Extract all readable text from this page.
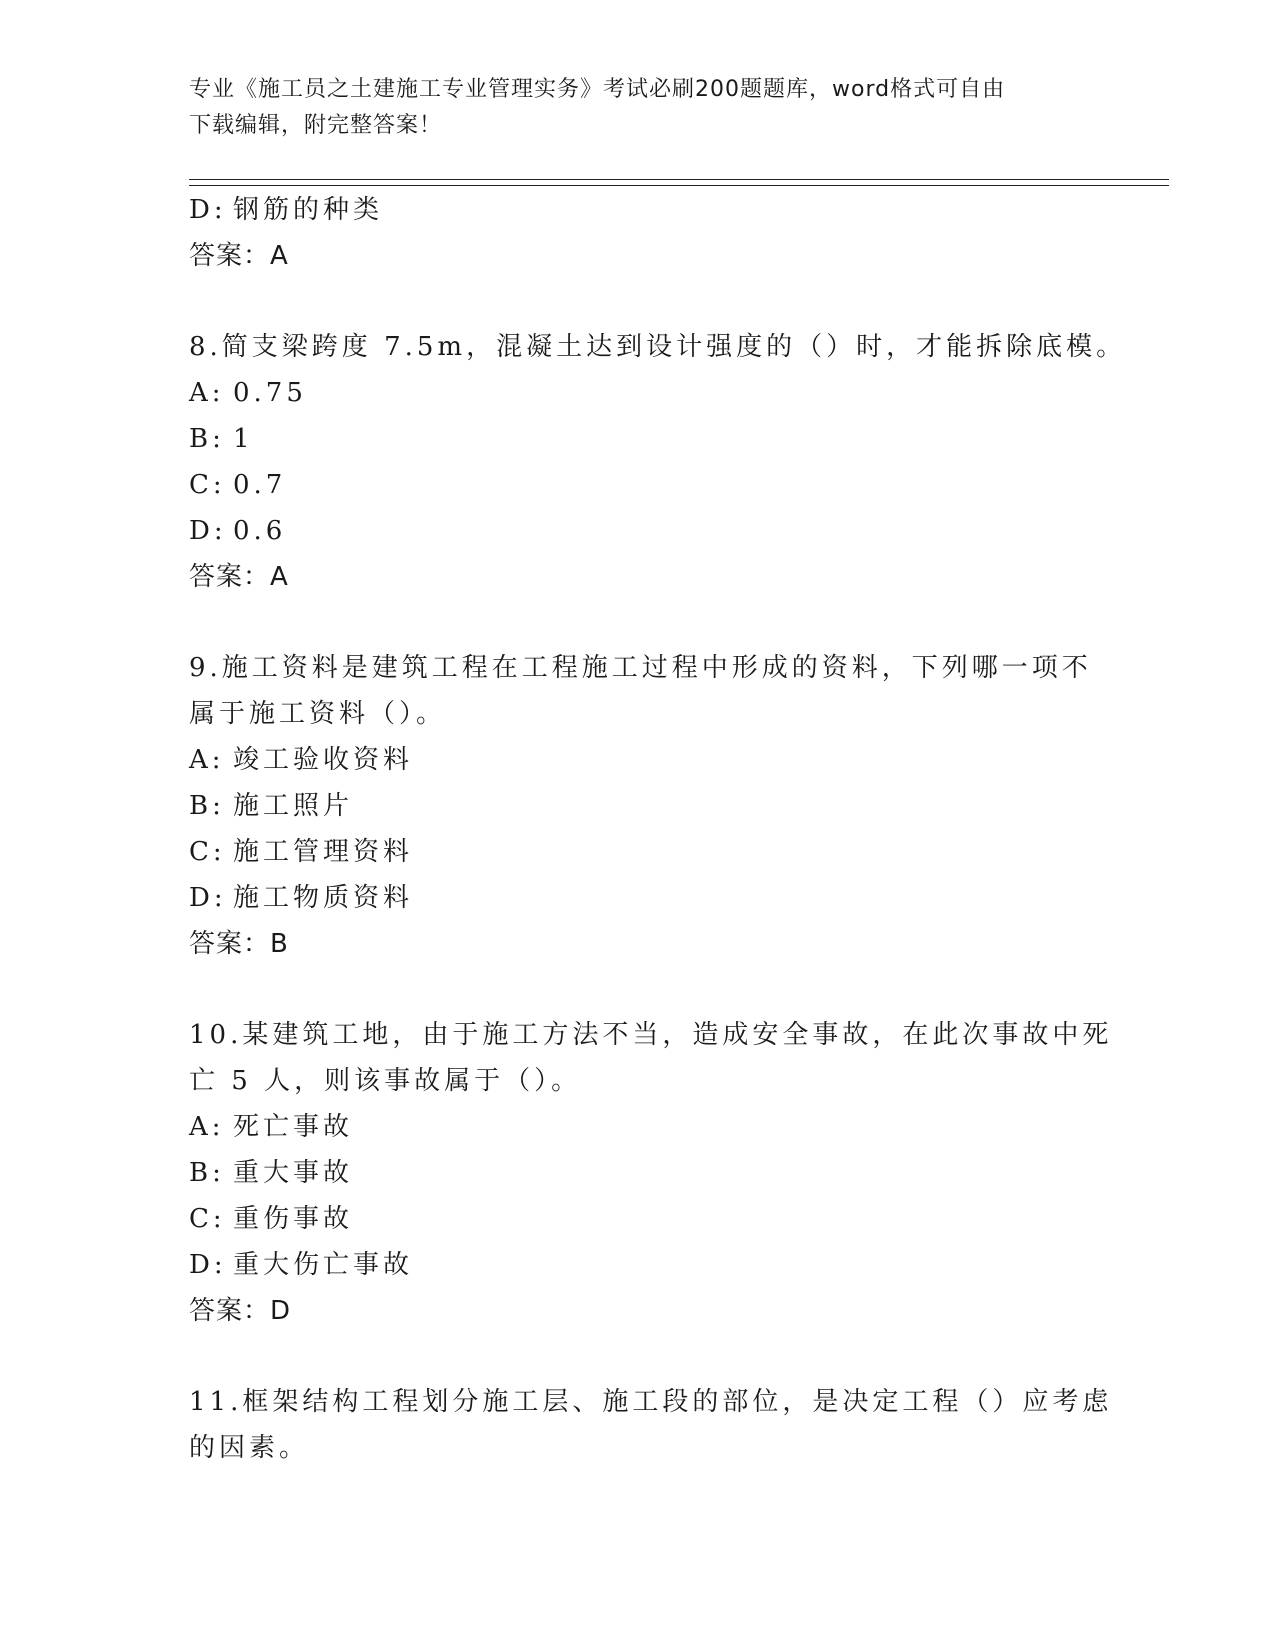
专业《施工员之土建施工专业管理实务》考试必刷200题题库，word格式可自由
下载编辑，附完整答案！
D: 钢筋的种类
答案：A
8.简支梁跨度 7.5m，混凝土达到设计强度的（）时，才能拆除底模。
A: 0.75
B: 1
C: 0.7
D: 0.6
答案：A
9.施工资料是建筑工程在工程施工过程中形成的资料，下列哪一项不
属于施工资料（）。
A: 竣工验收资料
B: 施工照片
C: 施工管理资料
D: 施工物质资料
答案：B
10.某建筑工地，由于施工方法不当，造成安全事故，在此次事故中死
亡 5 人，则该事故属于（）。
A: 死亡事故
B: 重大事故
C: 重伤事故
D: 重大伤亡事故
答案：D
11.框架结构工程划分施工层、施工段的部位，是决定工程（）应考虑
的因素。
